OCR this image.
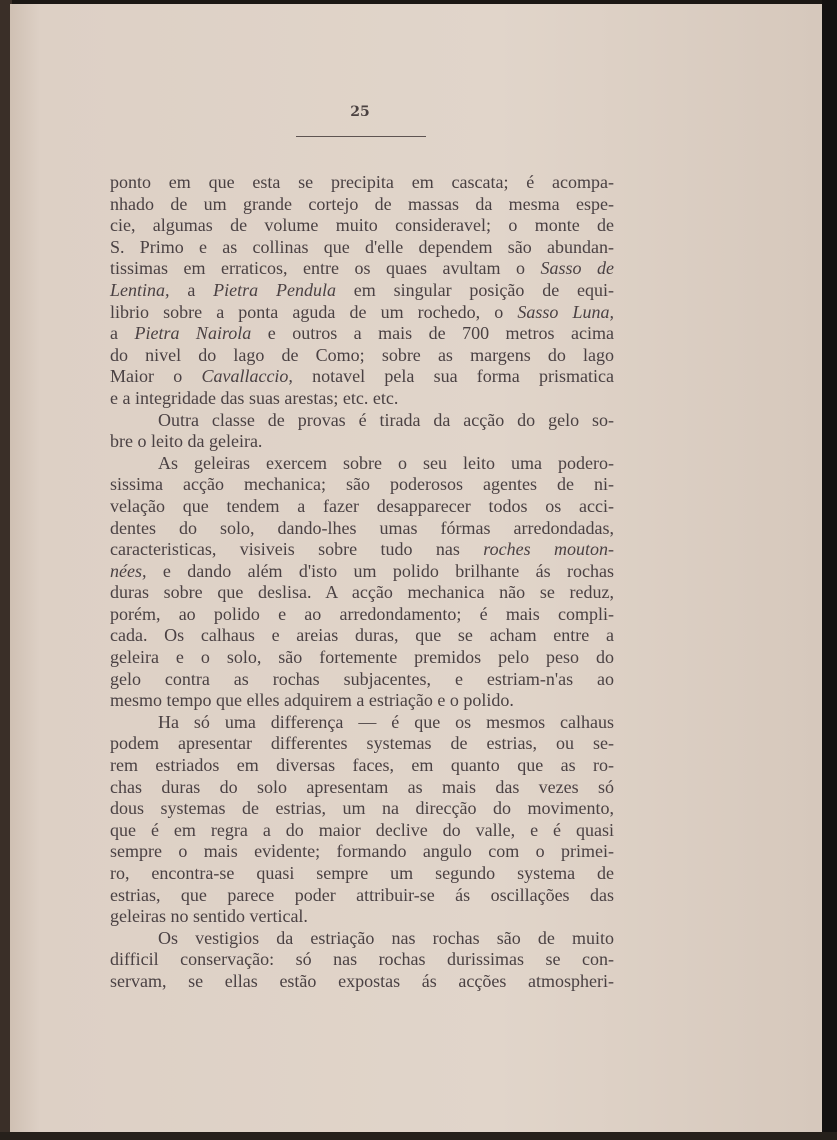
25
ponto em que esta se precipita em cascata; é acompa-
nhado de um grande cortejo de massas da mesma espe-
cie, algumas de volume muito consideravel; o monte de
S. Primo e as collinas que d'elle dependem são abundan-
tissimas em erraticos, entre os quaes avultam o Sasso de
Lentina, a Pietra Pendula em singular posição de equi-
librio sobre a ponta aguda de um rochedo, o Sasso Luna,
a Pietra Nairola e outros a mais de 700 metros acima
do nivel do lago de Como; sobre as margens do lago
Maior o Cavallaccio, notavel pela sua forma prismatica
e a integridade das suas arestas; etc. etc.
Outra classe de provas é tirada da acção do gelo so-
bre o leito da geleira.
As geleiras exercem sobre o seu leito uma podero-
sissima acção mechanica; são poderosos agentes de ni-
velação que tendem a fazer desapparecer todos os acci-
dentes do solo, dando-lhes umas fórmas arredondadas,
caracteristicas, visiveis sobre tudo nas roches mouton-
nées, e dando além d'isto um polido brilhante ás rochas
duras sobre que deslisa. A acção mechanica não se reduz,
porém, ao polido e ao arredondamento; é mais compli-
cada. Os calhaus e areias duras, que se acham entre a
geleira e o solo, são fortemente premidos pelo peso do
gelo contra as rochas subjacentes, e estriam-n'as ao
mesmo tempo que elles adquirem a estriação e o polido.
Ha só uma differença — é que os mesmos calhaus
podem apresentar differentes systemas de estrias, ou se-
rem estriados em diversas faces, em quanto que as ro-
chas duras do solo apresentam as mais das vezes só
dous systemas de estrias, um na direcção do movimento,
que é em regra a do maior declive do valle, e é quasi
sempre o mais evidente; formando angulo com o primei-
ro, encontra-se quasi sempre um segundo systema de
estrias, que parece poder attribuir-se ás oscillações das
geleiras no sentido vertical.
Os vestigios da estriação nas rochas são de muito
difficil conservação: só nas rochas durissimas se con-
servam, se ellas estão expostas ás acções atmospheri-
